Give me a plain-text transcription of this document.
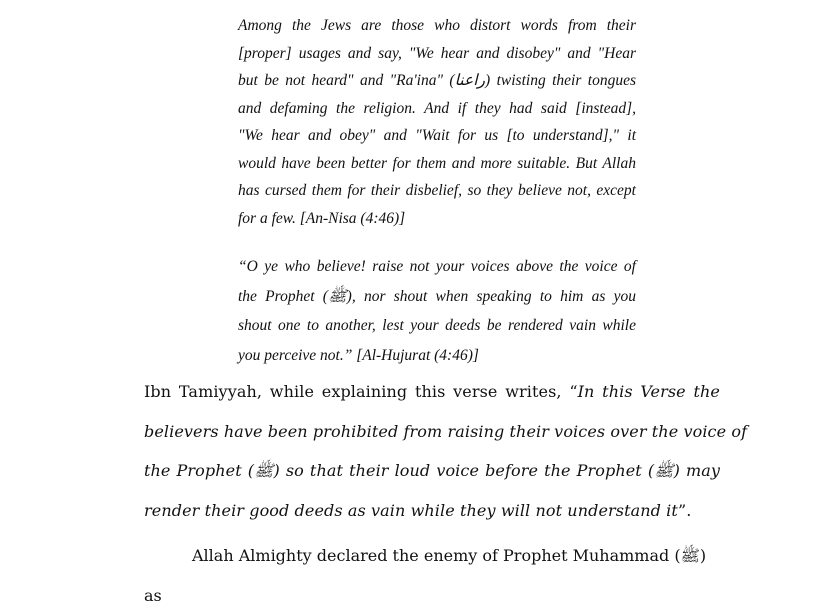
Among the Jews are those who distort words from their
[proper] usages and say, "We hear and disobey" and "Hear
but be not heard" and "Ra'ina" (راعنا) twisting their tongues
and defaming the religion. And if they had said [instead],
"We hear and obey" and "Wait for us [to understand]," it
would have been better for them and more suitable. But Allah
has cursed them for their disbelief, so they believe not, except
for a few. [An-Nisa (4:46)]
“O ye who believe! raise not your voices above the voice of
the Prophet (ﷺ), nor shout when speaking to him as you
shout one to another, lest your deeds be rendered vain while
you perceive not.” [Al-Hujurat (4:46)]
Ibn Tamiyyah, while explaining this verse writes, “In this Verse the
believers have been prohibited from raising their voices over the voice of
the Prophet (ﷺ) so that their loud voice before the Prophet (ﷺ) may
render their good deeds as vain while they will not understand it”.
Allah Almighty declared the enemy of Prophet Muhammad (ﷺ) as
